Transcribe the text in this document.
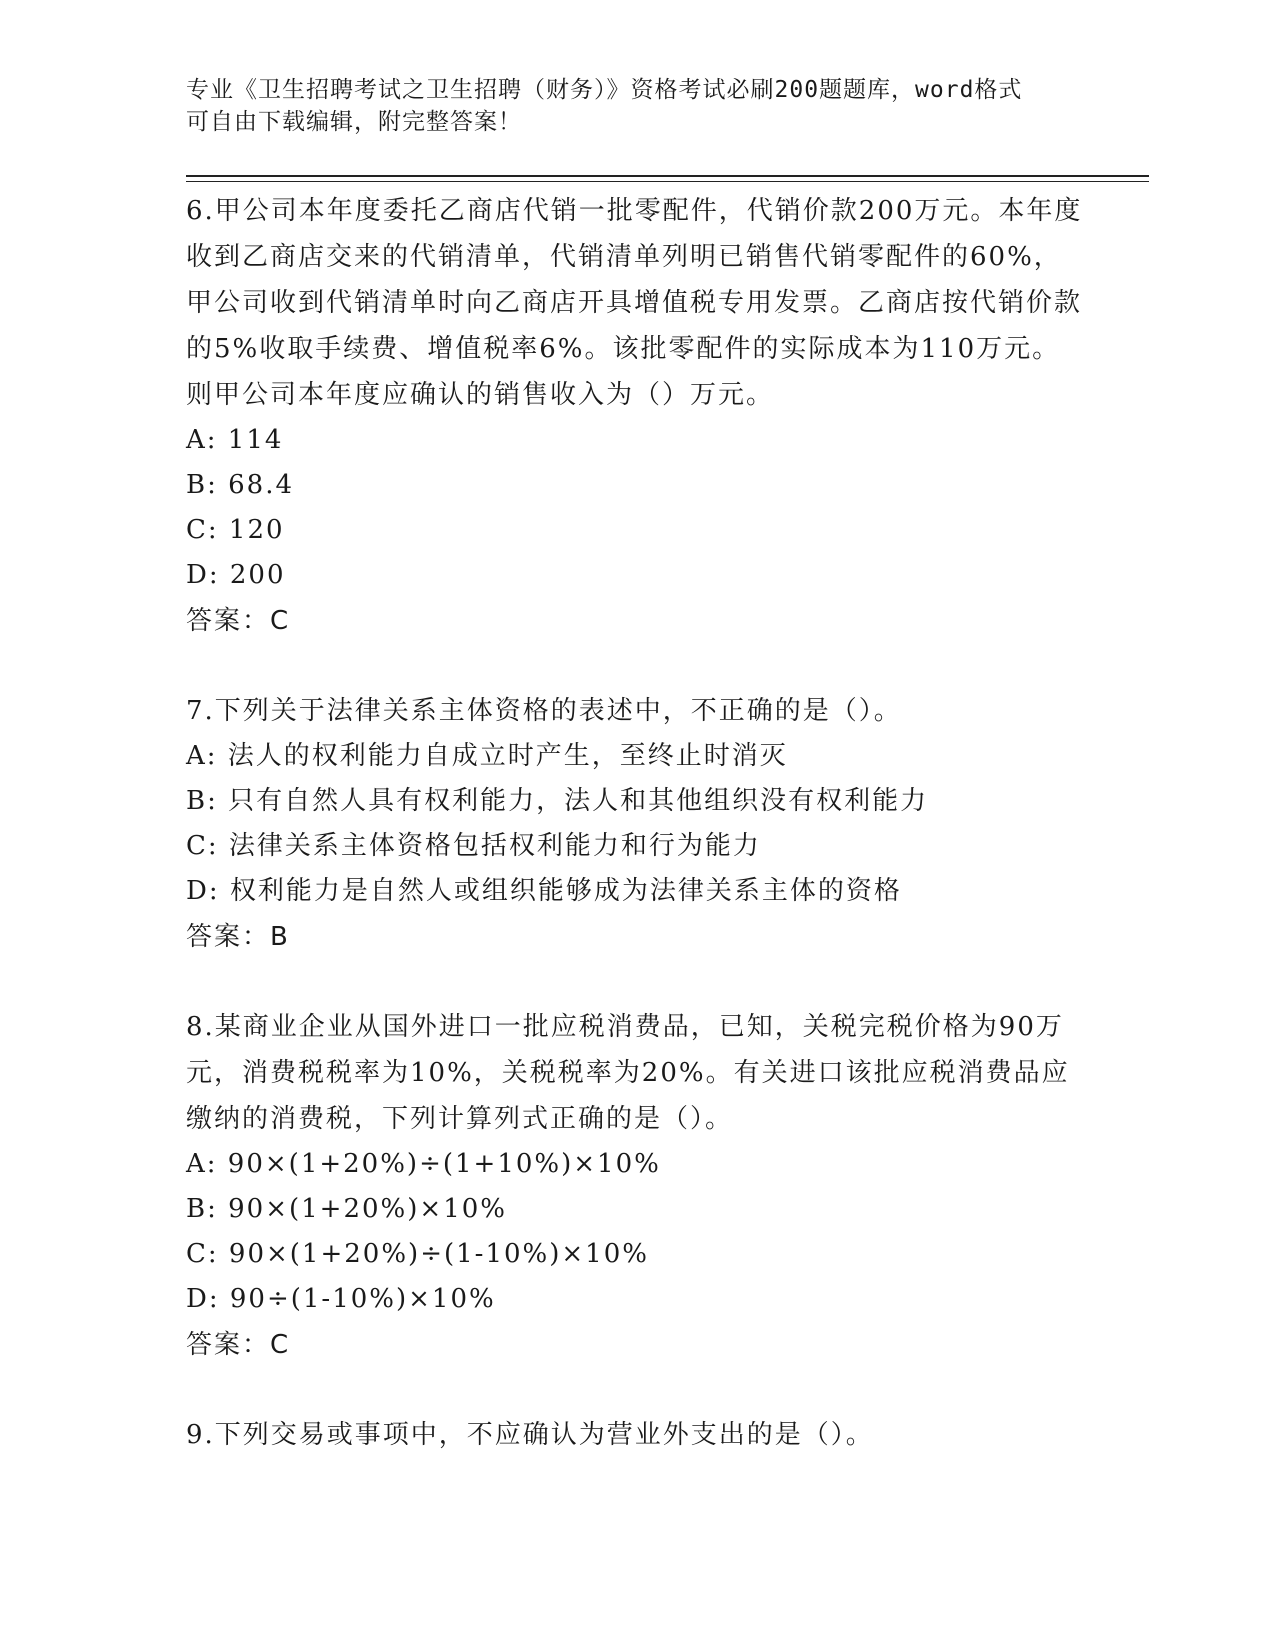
专业《卫生招聘考试之卫生招聘（财务）》资格考试必刷200题题库，word格式
可自由下载编辑，附完整答案！

6.甲公司本年度委托乙商店代销一批零配件，代销价款200万元。本年度收到乙商店交来的代销清单，代销清单列明已销售代销零配件的60%，甲公司收到代销清单时向乙商店开具增值税专用发票。乙商店按代销价款的5%收取手续费、增值税率6%。该批零配件的实际成本为110万元。则甲公司本年度应确认的销售收入为（）万元。

A: 114

B: 68.4

C: 120

D: 200

答案：C

7.下列关于法律关系主体资格的表述中，不正确的是（）。

A: 法人的权利能力自成立时产生，至终止时消灭

B: 只有自然人具有权利能力，法人和其他组织没有权利能力

C: 法律关系主体资格包括权利能力和行为能力

D: 权利能力是自然人或组织能够成为法律关系主体的资格

答案：B

8.某商业企业从国外进口一批应税消费品，已知，关税完税价格为90万元，消费税税率为10%，关税税率为20%。有关进口该批应税消费品应缴纳的消费税，下列计算列式正确的是（）。

A: 90×(1+20%)÷(1+10%)×10%

B: 90×(1+20%)×10%

C: 90×(1+20%)÷(1-10%)×10%

D: 90÷(1-10%)×10%

答案：C

9.下列交易或事项中，不应确认为营业外支出的是（）。
